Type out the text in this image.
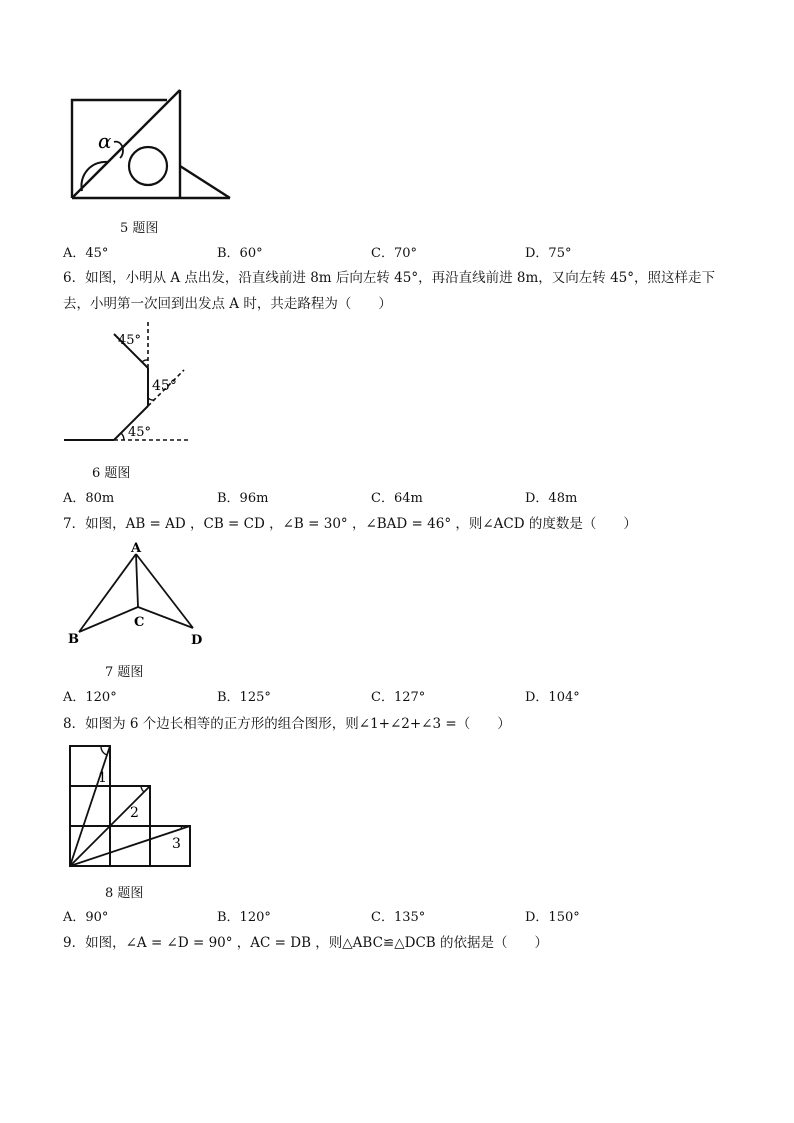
α
5 题图
A．45°	B．60°	C．70°	D．75°
6．如图，小明从 A 点出发，沿直线前进 8m 后向左转 45°，再沿直线前进 8m，又向左转 45°，照这样走下
去，小明第一次回到出发点 A 时，共走路程为（　　）
45°
45°
45°
6 题图
A．80m	B．96m	C．64m	D．48m
7．如图，AB = AD ，CB = CD ，∠B = 30° ，∠BAD = 46° ，则∠ACD 的度数是（　　）
A
B
C
D
7 题图
A．120°	B．125°	C．127°	D．104°
8．如图为 6 个边长相等的正方形的组合图形，则∠1+∠2+∠3 =（　　）
1
2
3
8 题图
A．90°	B．120°	C．135°	D．150°
9．如图，∠A = ∠D = 90° ，AC = DB ，则△ABC≌△DCB 的依据是（　　）
